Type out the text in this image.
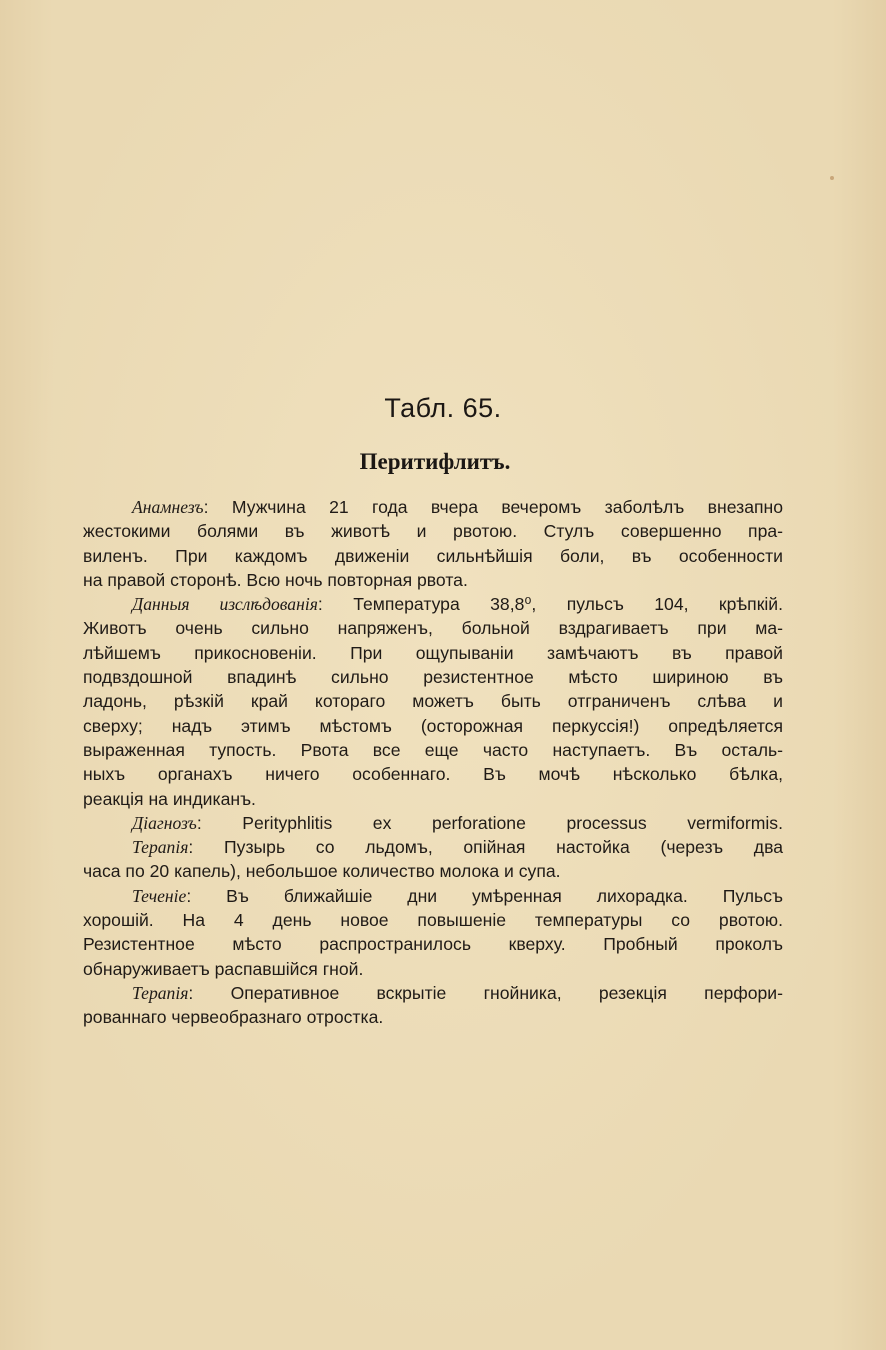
Табл. 65.
Перитифлитъ.

Анамнезъ: Мужчина 21 года вчера вечеромъ заболѣлъ внезапно
жестокими болями въ животѣ и рвотою. Стулъ совершенно пра-
виленъ. При каждомъ движеніи сильнѣйшія боли, въ особенности
на правой сторонѣ. Всю ночь повторная рвота.

Данныя изслѣдованія: Температура 38,8⁰, пульсъ 104, крѣпкій.
Животъ очень сильно напряженъ, больной вздрагиваетъ при ма-
лѣйшемъ прикосновеніи. При ощупываніи замѣчаютъ въ правой
подвздошной впадинѣ сильно резистентное мѣсто шириною въ
ладонь, рѣзкій край котораго можетъ быть отграниченъ слѣва и
сверху; надъ этимъ мѣстомъ (осторожная перкуссія!) опредѣляется
выраженная тупость. Рвота все еще часто наступаетъ. Въ осталь-
ныхъ органахъ ничего особеннаго. Въ мочѣ нѣсколько бѣлка,
реакція на индиканъ.

Діагнозъ: Perityphlitis ex perforatione processus vermiformis.

Терапія: Пузырь со льдомъ, опійная настойка (черезъ два
часа по 20 капель), небольшое количество молока и супа.

Теченіе: Въ ближайшіе дни умѣренная лихорадка. Пульсъ
хорошій. На 4 день новое повышеніе температуры со рвотою.
Резистентное мѣсто распространилось кверху. Пробный проколъ
обнаруживаетъ распавшійся гной.

Терапія: Оперативное вскрытіе гнойника, резекція перфори-
рованнаго червеобразнаго отростка.
